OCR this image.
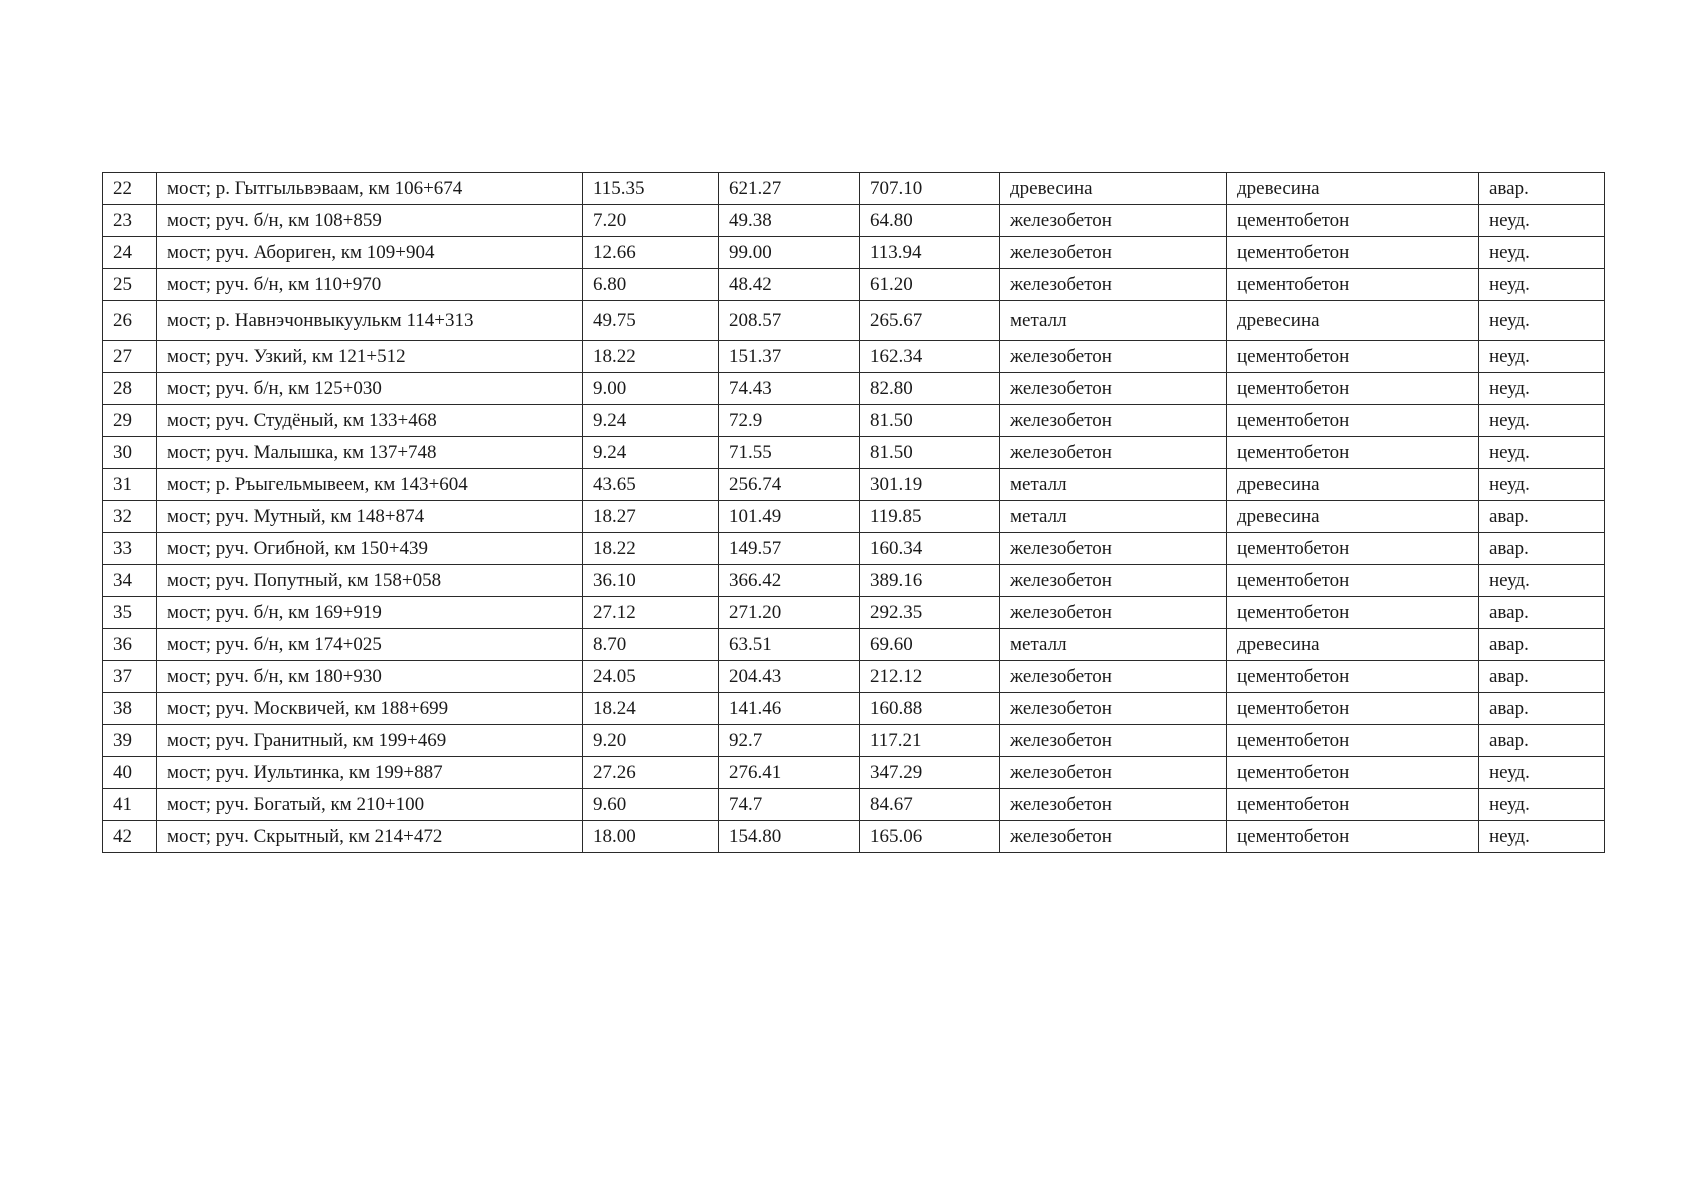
22	мост; р. Гытгыльвэваам, км 106+674	115.35	621.27	707.10	древесина	древесина	авар.
23	мост; руч. б/н, км 108+859	7.20	49.38	64.80	железобетон	цементобетон	неуд.
24	мост; руч. Абориген, км 109+904	12.66	99.00	113.94	железобетон	цементобетон	неуд.
25	мост; руч. б/н, км 110+970	6.80	48.42	61.20	железобетон	цементобетон	неуд.
26	мост; р. Навнэчонвыкуулькм 114+313	49.75	208.57	265.67	металл	древесина	неуд.
27	мост; руч. Узкий, км 121+512	18.22	151.37	162.34	железобетон	цементобетон	неуд.
28	мост; руч. б/н, км 125+030	9.00	74.43	82.80	железобетон	цементобетон	неуд.
29	мост; руч. Студёный, км 133+468	9.24	72.9	81.50	железобетон	цементобетон	неуд.
30	мост; руч. Малышка, км 137+748	9.24	71.55	81.50	железобетон	цементобетон	неуд.
31	мост; р. Ръыгельмывеем, км 143+604	43.65	256.74	301.19	металл	древесина	неуд.
32	мост; руч. Мутный, км 148+874	18.27	101.49	119.85	металл	древесина	авар.
33	мост; руч. Огибной, км 150+439	18.22	149.57	160.34	железобетон	цементобетон	авар.
34	мост; руч. Попутный, км 158+058	36.10	366.42	389.16	железобетон	цементобетон	неуд.
35	мост; руч. б/н, км 169+919	27.12	271.20	292.35	железобетон	цементобетон	авар.
36	мост; руч. б/н, км 174+025	8.70	63.51	69.60	металл	древесина	авар.
37	мост; руч. б/н, км 180+930	24.05	204.43	212.12	железобетон	цементобетон	авар.
38	мост; руч. Москвичей, км 188+699	18.24	141.46	160.88	железобетон	цементобетон	авар.
39	мост; руч. Гранитный, км 199+469	9.20	92.7	117.21	железобетон	цементобетон	авар.
40	мост; руч. Иультинка, км 199+887	27.26	276.41	347.29	железобетон	цементобетон	неуд.
41	мост; руч. Богатый, км 210+100	9.60	74.7	84.67	железобетон	цементобетон	неуд.
42	мост; руч. Скрытный, км 214+472	18.00	154.80	165.06	железобетон	цементобетон	неуд.
